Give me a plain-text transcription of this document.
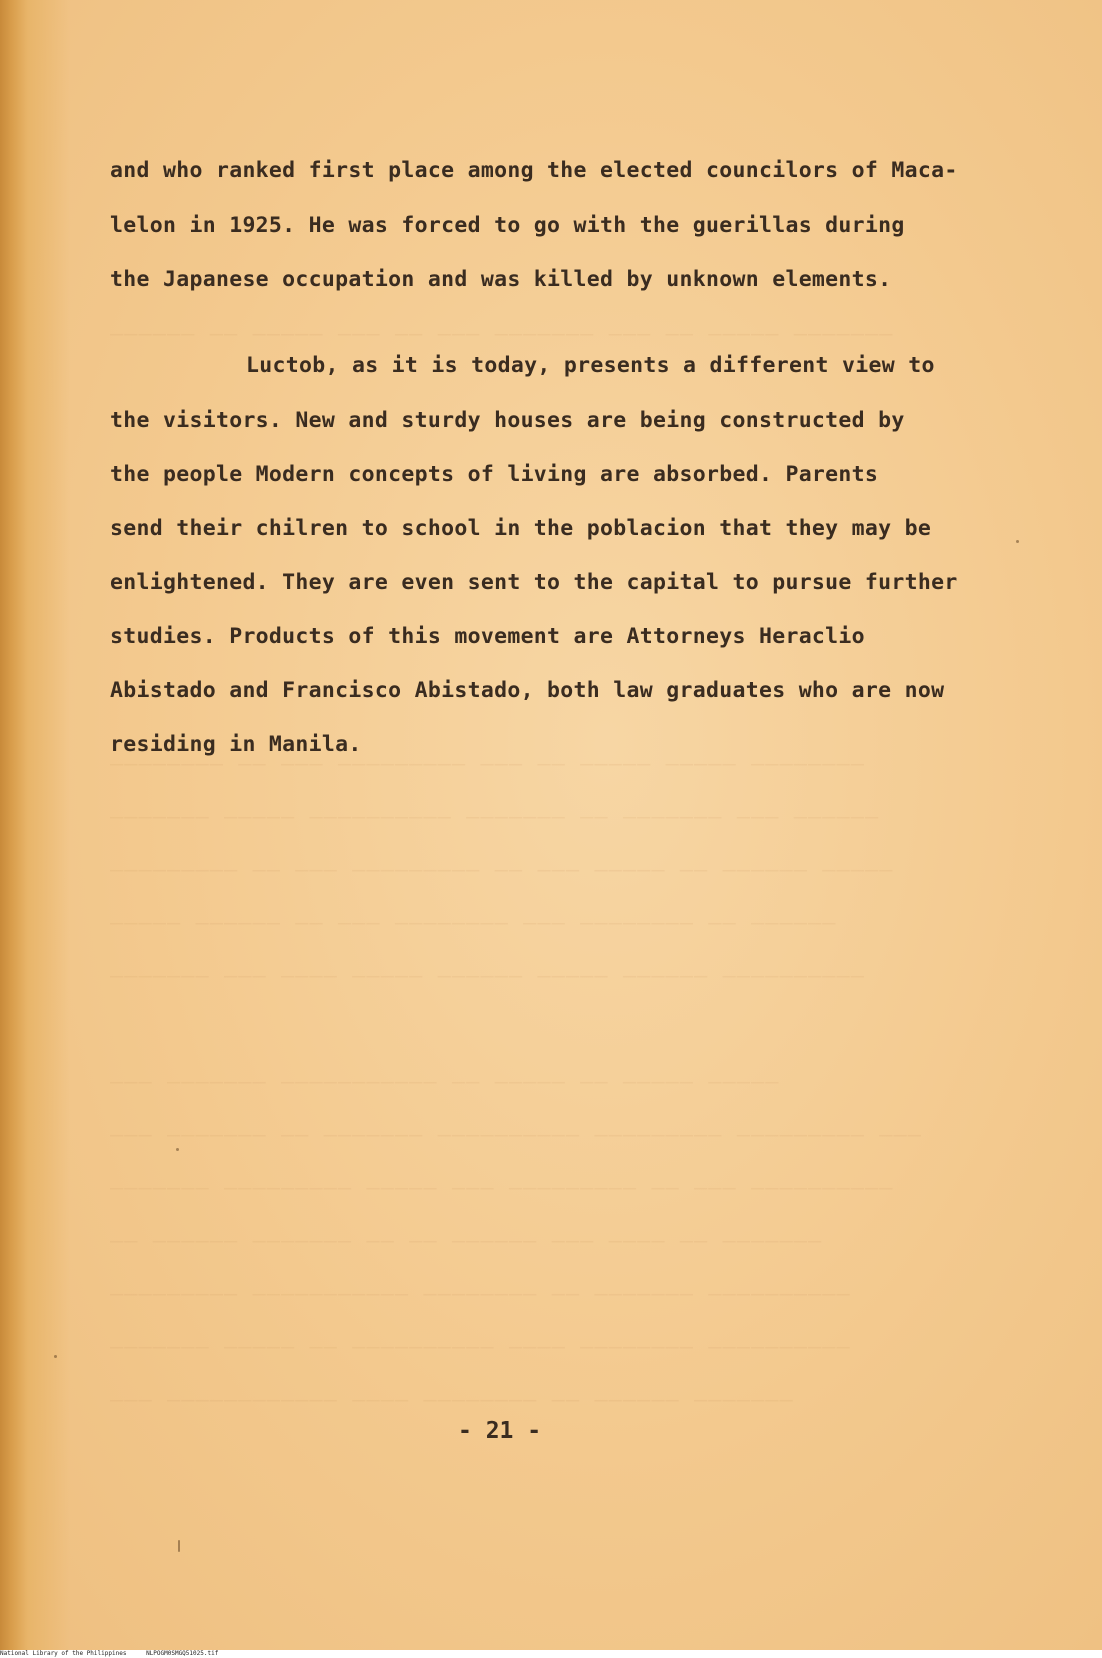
―――――― ―― ――――― ――― ―― ――― ――――――― ――― ―― ――――― ―――――――
―――――――― ―― ――― ――――――――― ――― ―― ――――― ――――― ――――――――
――――――― ――――― ―――――――――― ――――――― ―― ――――――― ――― ――――――
――――――――― ―― ――― ――――――――― ―― ――― ――――― ―― ―――――― ―――――
――――― ―――――― ―― ――― ―――――――― ――― ―――――――― ―― ――――――
――――――― ――― ―――― ――――― ―――――― ――――― ―――――― ――――――――――
――― ――――――― ――――――――――― ―― ――――― ―― ――――― ―――――
――― ――――――― ―― ――――――― ―――――――――― ――――――――― ――――――――― ―――
――――――― ――――――――― ――――― ――― ――――――――― ―― ――― ――――――――――
―― ―――――― ――――――― ―― ―― ―――――― ――― ―――― ―― ―――――――
――――――――― ――――――――――― ―――――――― ―― ――――――― ――――――――――
――――――― ――――― ―― ―――――――――― ―――― ―――――――― ――――――――――
――― ―――――――――――― ―――― ―――――――― ―― ―――――― ―――――――
and who ranked first place among the elected councilors of Maca-
lelon in 1925. He was forced to go with the guerillas during
the Japanese occupation and was killed by unknown elements.
Luctob, as it is today, presents a different view to
the visitors. New and sturdy houses are being constructed by
the people Modern concepts of living are absorbed. Parents
send their chilren to school in the poblacion that they may be
enlightened. They are even sent to the capital to pursue further
studies. Products of this movement are Attorneys Heraclio
Abistado and Francisco Abistado, both law graduates who are now
residing in Manila.
- 21 -
National Library of the Philippines	NLPOGM0SMGQ51025.tif
